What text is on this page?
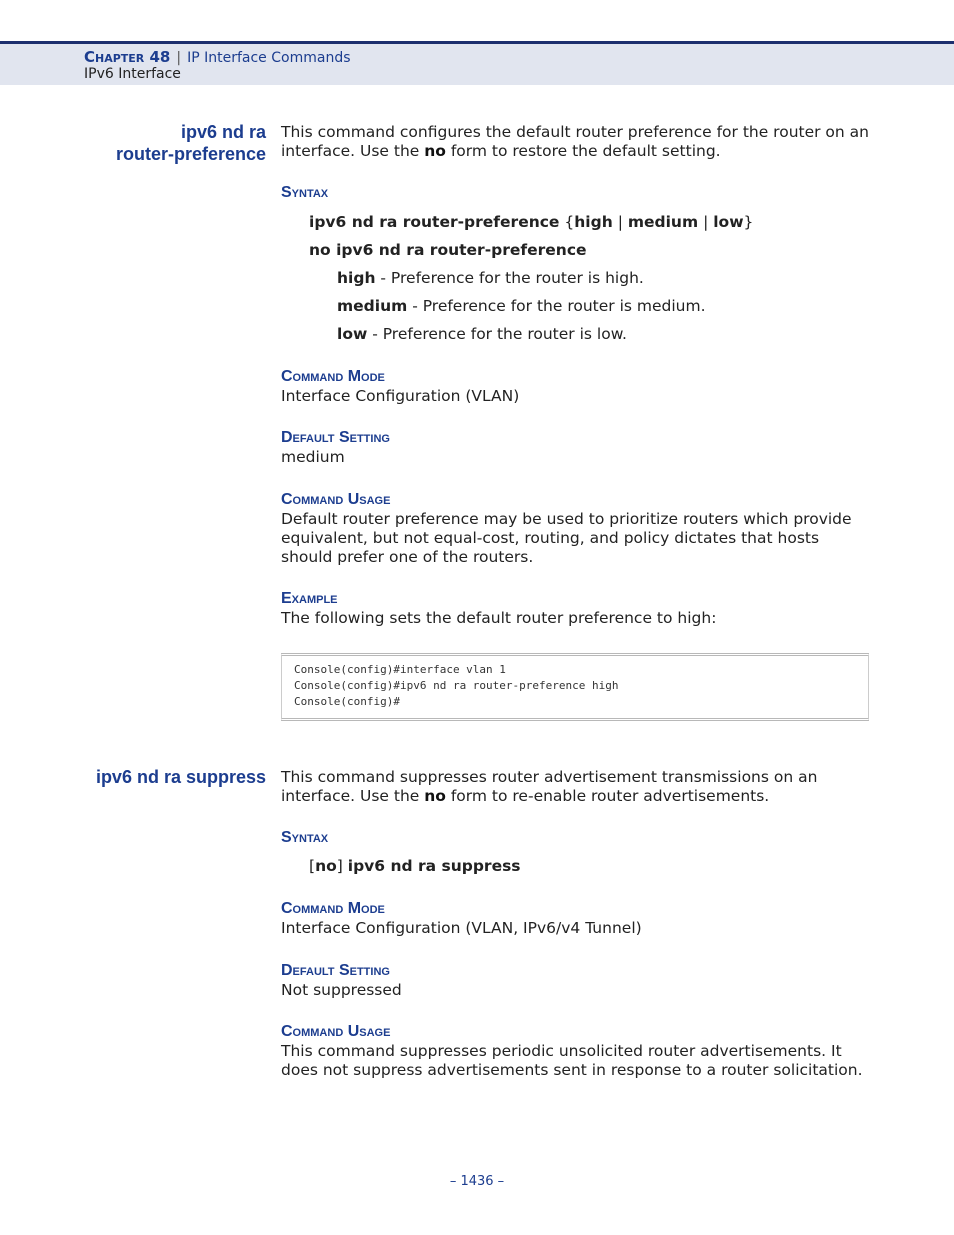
Chapter 48 | IP Interface Commands
IPv6 Interface
ipv6 nd ra
router-preference
This command configures the default router preference for the router on an interface. Use the no form to restore the default setting.
Syntax
ipv6 nd ra router-preference {high | medium | low}
no ipv6 nd ra router-preference
high - Preference for the router is high.
medium - Preference for the router is medium.
low - Preference for the router is low.
Command Mode
Interface Configuration (VLAN)
Default Setting
medium
Command Usage
Default router preference may be used to prioritize routers which provide equivalent, but not equal-cost, routing, and policy dictates that hosts should prefer one of the routers.
Example
The following sets the default router preference to high:
Console(config)#interface vlan 1
Console(config)#ipv6 nd ra router-preference high
Console(config)#
ipv6 nd ra suppress This command suppresses router advertisement transmissions on an interface. Use the no form to re-enable router advertisements.
Syntax
[no] ipv6 nd ra suppress
Command Mode
Interface Configuration (VLAN, IPv6/v4 Tunnel)
Default Setting
Not suppressed
Command Usage
This command suppresses periodic unsolicited router advertisements. It does not suppress advertisements sent in response to a router solicitation.
– 1436 –
